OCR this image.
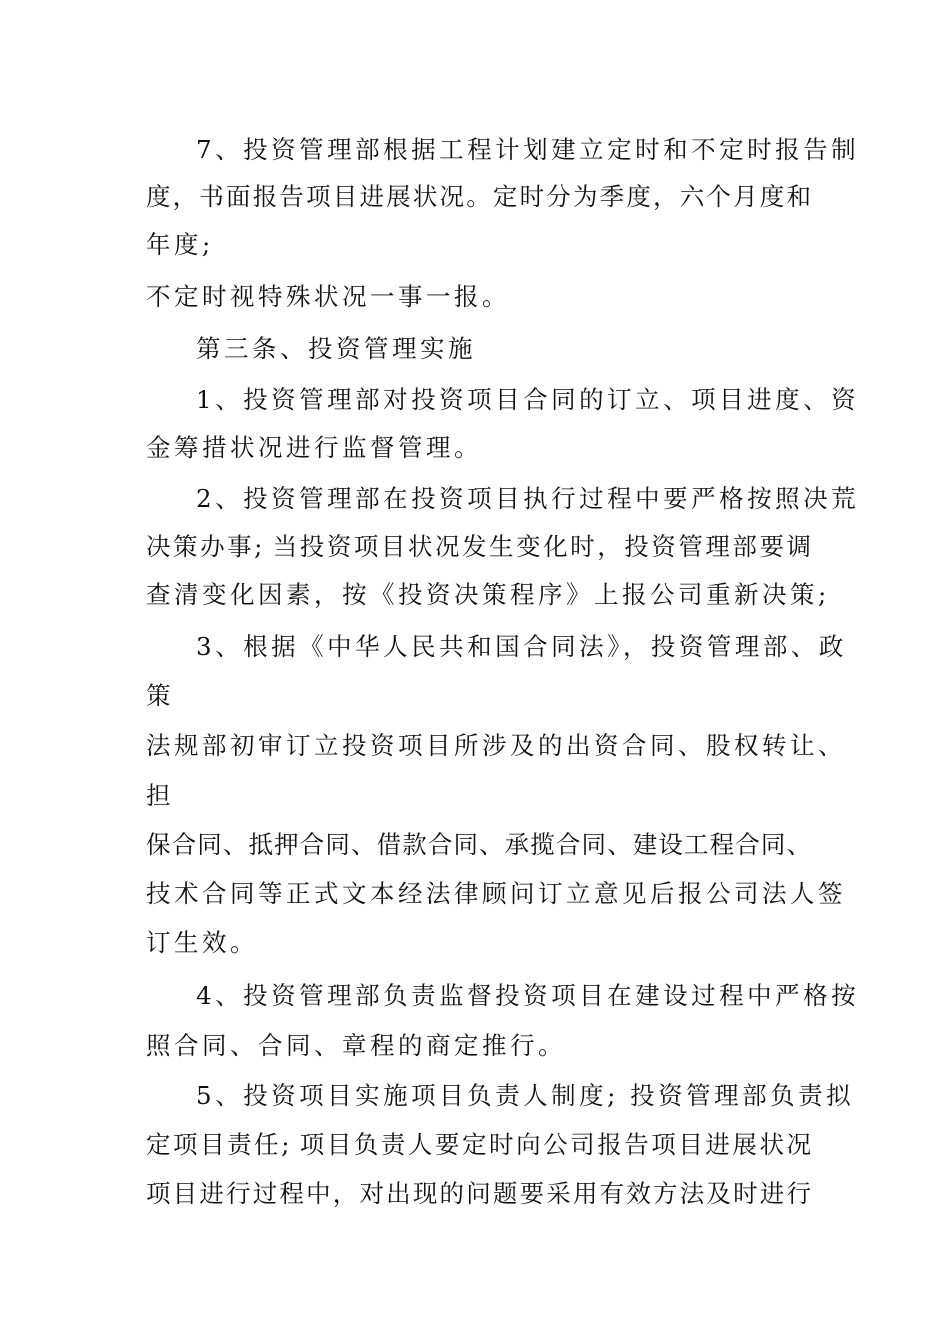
7、投资管理部根据工程计划建立定时和不定时报告制
度，书面报告项目进展状况。定时分为季度，六个月度和
年度;
不定时视特殊状况一事一报。
第三条、投资管理实施
1、投资管理部对投资项目合同的订立、项目进度、资
金筹措状况进行监督管理。
2、投资管理部在投资项目执行过程中要严格按照决荒
决策办事; 当投资项目状况发生变化时，投资管理部要调
查清变化因素，按《投资决策程序》上报公司重新决策;
3、根据《中华人民共和国合同法》，投资管理部、政
策
法规部初审订立投资项目所涉及的出资合同、股权转让、
担
保合同、抵押合同、借款合同、承揽合同、建设工程合同、
技术合同等正式文本经法律顾问订立意见后报公司法人签
订生效。
4、投资管理部负责监督投资项目在建设过程中严格按
照合同、合同、章程的商定推行。
5、投资项目实施项目负责人制度; 投资管理部负责拟
定项目责任; 项目负责人要定时向公司报告项目进展状况
项目进行过程中，对出现的问题要采用有效方法及时进行
